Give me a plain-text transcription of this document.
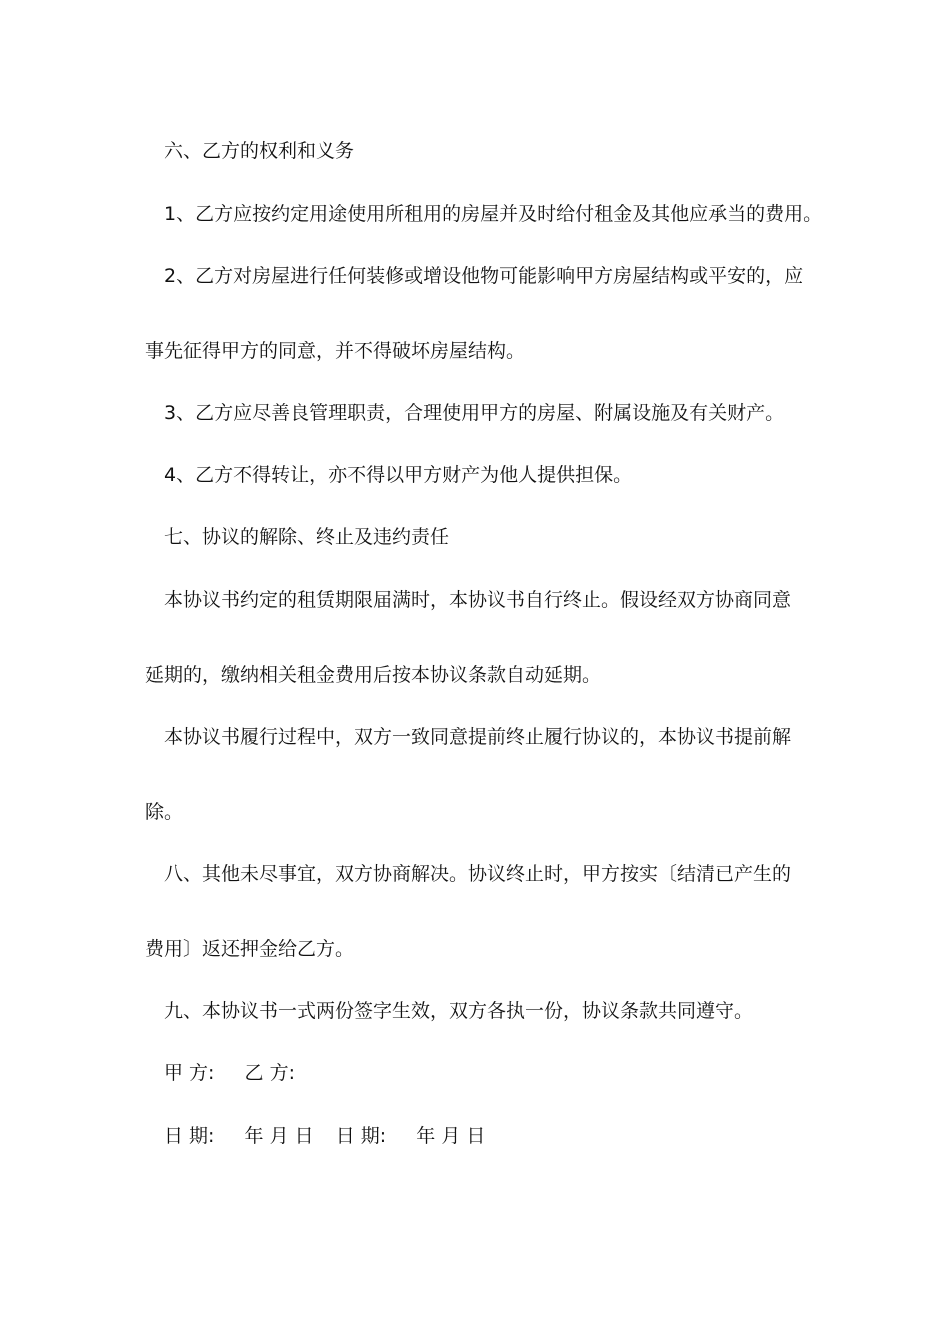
六、乙方的权利和义务
1、乙方应按约定用途使用所租用的房屋并及时给付租金及其他应承当的费用。
2、乙方对房屋进行任何装修或增设他物可能影响甲方房屋结构或平安的，应
事先征得甲方的同意，并不得破坏房屋结构。
3、乙方应尽善良管理职责，合理使用甲方的房屋、附属设施及有关财产。
4、乙方不得转让，亦不得以甲方财产为他人提供担保。
七、协议的解除、终止及违约责任
本协议书约定的租赁期限届满时，本协议书自行终止。假设经双方协商同意
延期的，缴纳相关租金费用后按本协议条款自动延期。
本协议书履行过程中，双方一致同意提前终止履行协议的，本协议书提前解
除。
八、其他未尽事宜，双方协商解决。协议终止时，甲方按实〔结清已产生的
费用〕返还押金给乙方。
九、本协议书一式两份签字生效，双方各执一份，协议条款共同遵守。
甲 方: 乙 方:
日 期: 年 月 日 日 期: 年 月 日
